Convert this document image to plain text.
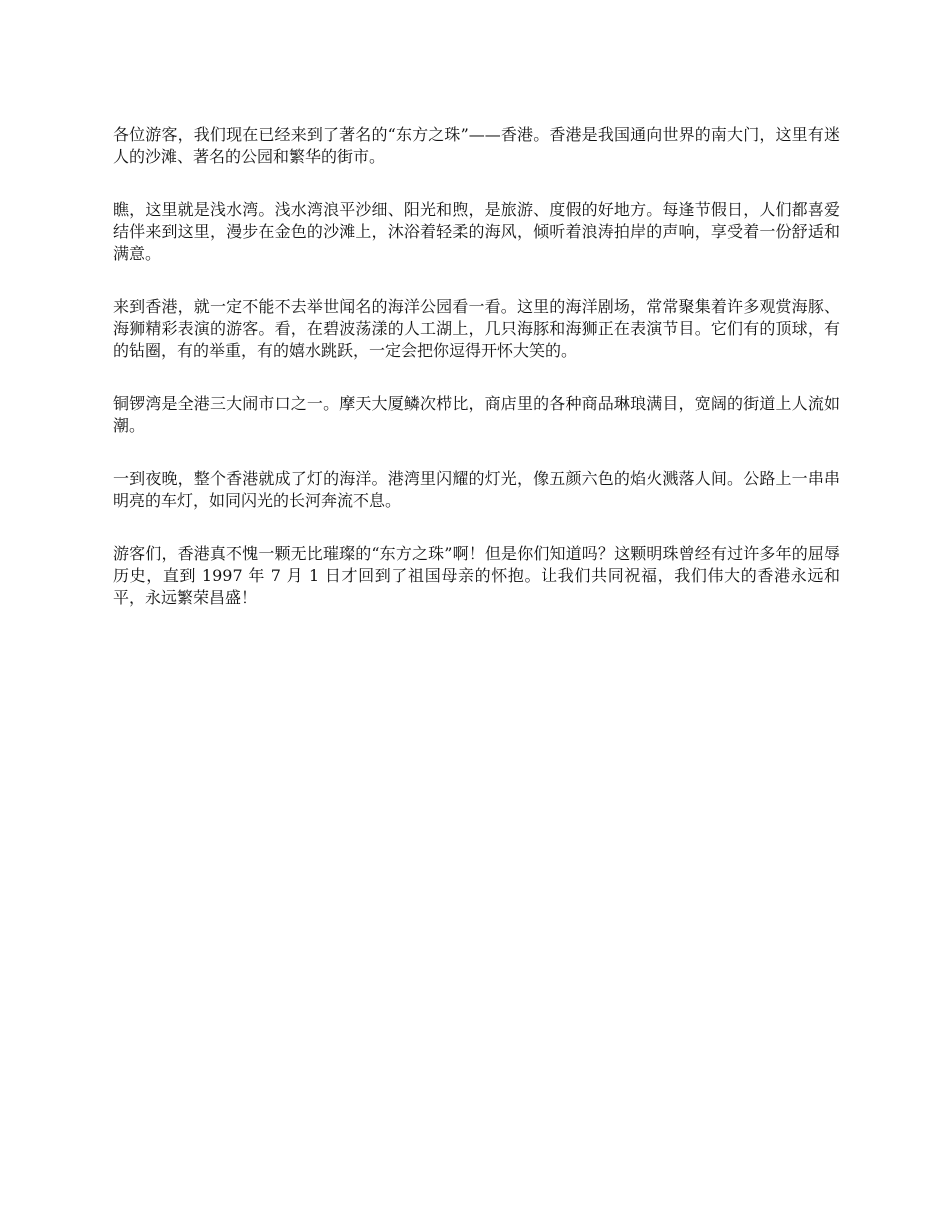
各位游客，我们现在已经来到了著名的“东方之珠”——香港。香港是我国通向世界的南大门，这里有迷人的沙滩、著名的公园和繁华的街市。

瞧，这里就是浅水湾。浅水湾浪平沙细、阳光和煦，是旅游、度假的好地方。每逢节假日，人们都喜爱结伴来到这里，漫步在金色的沙滩上，沐浴着轻柔的海风，倾听着浪涛拍岸的声响，享受着一份舒适和满意。

来到香港，就一定不能不去举世闻名的海洋公园看一看。这里的海洋剧场，常常聚集着许多观赏海豚、海狮精彩表演的游客。看，在碧波荡漾的人工湖上，几只海豚和海狮正在表演节目。它们有的顶球，有的钻圈，有的举重，有的嬉水跳跃，一定会把你逗得开怀大笑的。

铜锣湾是全港三大闹市口之一。摩天大厦鳞次栉比，商店里的各种商品琳琅满目，宽阔的街道上人流如潮。

一到夜晚，整个香港就成了灯的海洋。港湾里闪耀的灯光，像五颜六色的焰火溅落人间。公路上一串串明亮的车灯，如同闪光的长河奔流不息。

游客们，香港真不愧一颗无比璀璨的“东方之珠”啊！但是你们知道吗？这颗明珠曾经有过许多年的屈辱历史，直到 1997 年 7 月 1 日才回到了祖国母亲的怀抱。让我们共同祝福，我们伟大的香港永远和平，永远繁荣昌盛！
